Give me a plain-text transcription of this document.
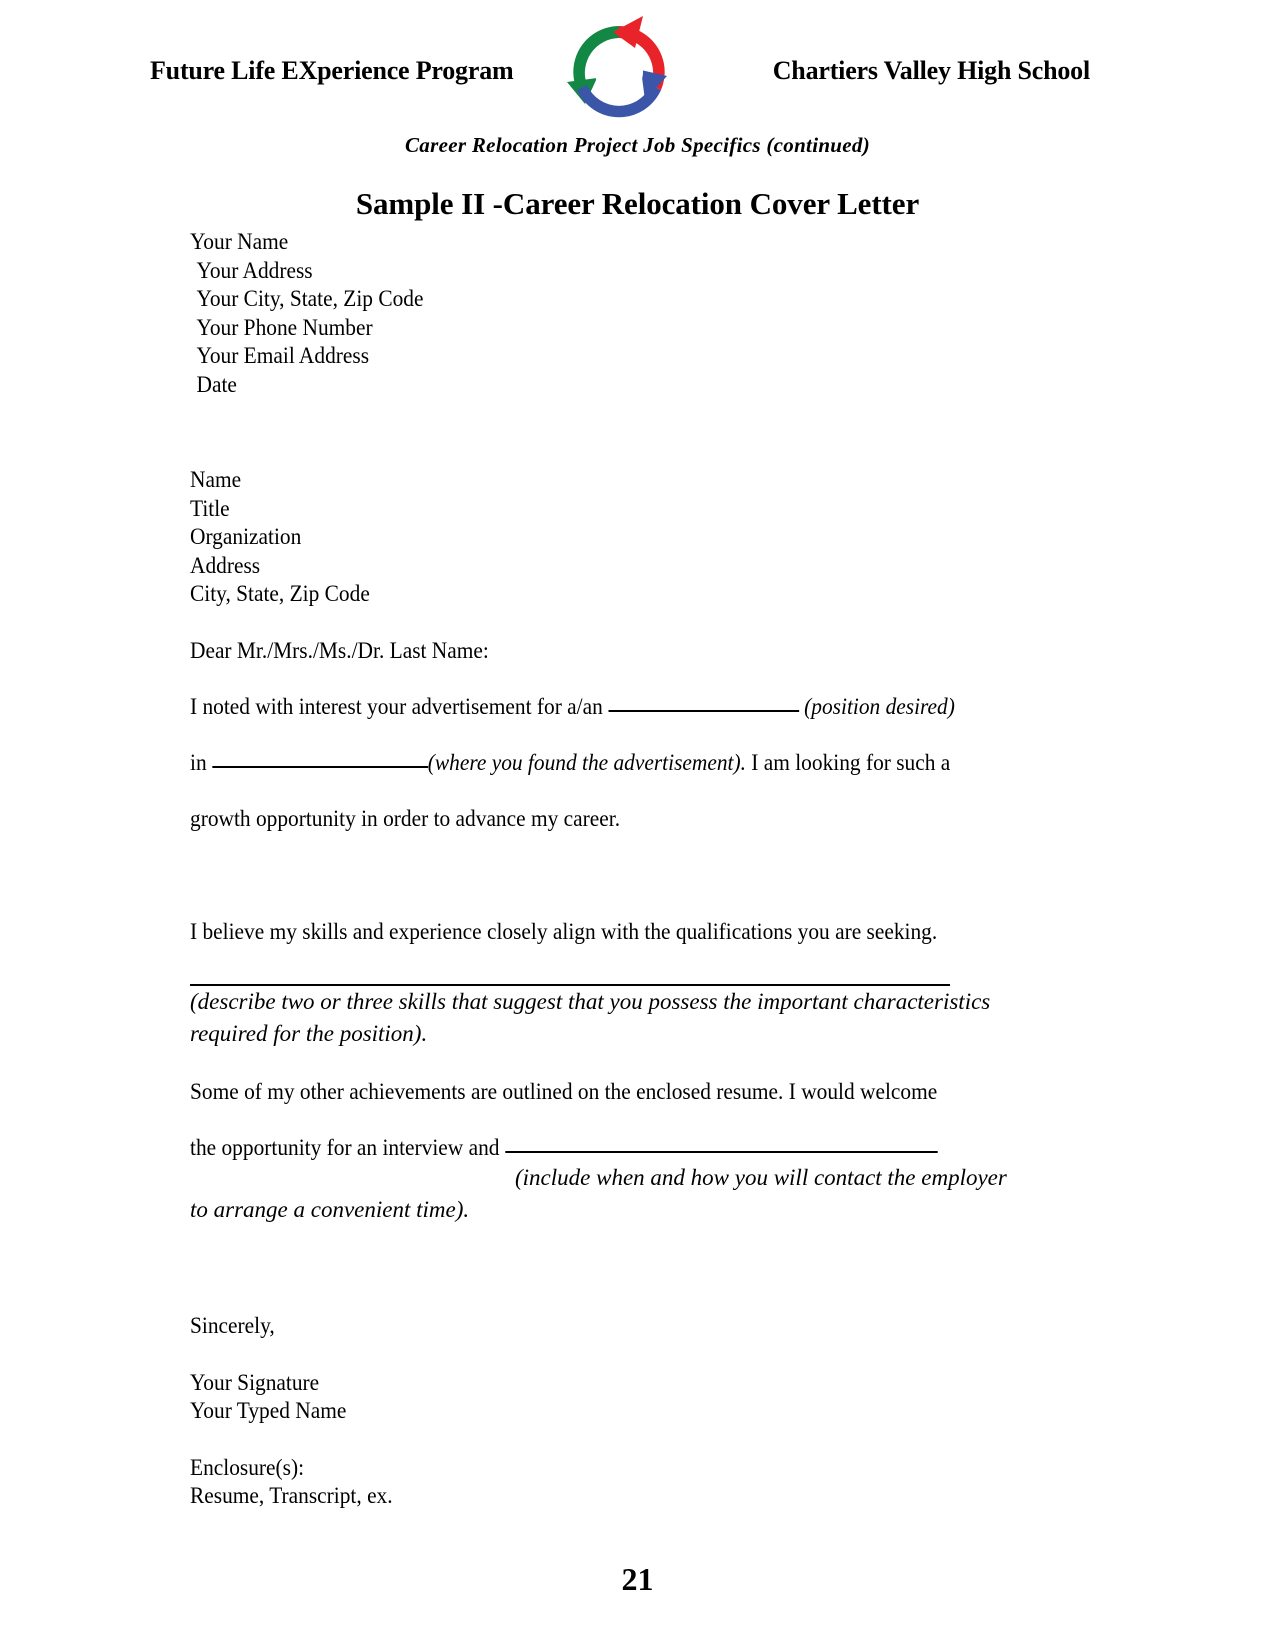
Future Life EXperience Program	Chartiers Valley High School
Career Relocation Project Job Specifics (continued)
Sample II -Career Relocation Cover Letter
Your Name
Your Address
Your City, State, Zip Code
Your Phone Number
Your Email Address
Date
Name
Title
Organization
Address
City, State, Zip Code
Dear Mr./Mrs./Ms./Dr. Last Name:
I noted with interest your advertisement for a/an	(position desired)
in	(where you found the advertisement). I am looking for such a
growth opportunity in order to advance my career.
I believe my skills and experience closely align with the qualifications you are seeking.
(describe two or three skills that suggest that you possess the important characteristics
required for the position).
Some of my other achievements are outlined on the enclosed resume. I would welcome
the opportunity for an interview and
(include when and how you will contact the employer
to arrange a convenient time).
Sincerely,
Your Signature
Your Typed Name
Enclosure(s):
Resume, Transcript, ex.
21
